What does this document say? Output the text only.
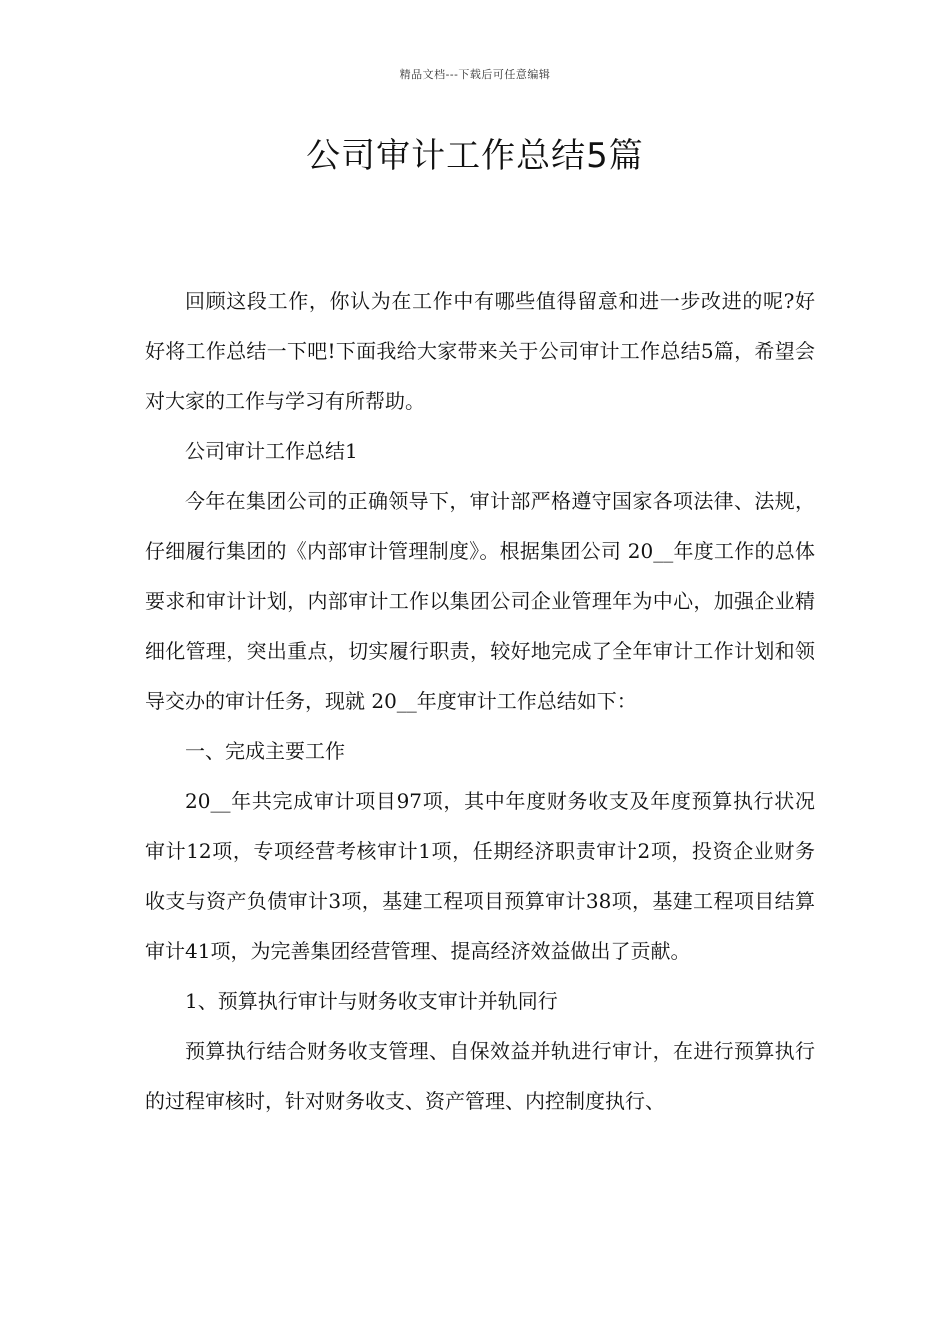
精品文档---下载后可任意编辑
公司审计工作总结5篇

回顾这段工作，你认为在工作中有哪些值得留意和进一步改进的呢?好好将工作总结一下吧!下面我给大家带来关于公司审计工作总结5篇，希望会对大家的工作与学习有所帮助。

公司审计工作总结1

今年在集团公司的正确领导下，审计部严格遵守国家各项法律、法规，仔细履行集团的《内部审计管理制度》。根据集团公司 20__年度工作的总体要求和审计计划，内部审计工作以集团公司企业管理年为中心，加强企业精细化管理，突出重点，切实履行职责，较好地完成了全年审计工作计划和领导交办的审计任务，现就 20__年度审计工作总结如下：

一、完成主要工作

20__年共完成审计项目97项，其中年度财务收支及年度预算执行状况审计12项，专项经营考核审计1项，任期经济职责审计2项，投资企业财务收支与资产负债审计3项，基建工程项目预算审计38项，基建工程项目结算审计41项，为完善集团经营管理、提高经济效益做出了贡献。

1、预算执行审计与财务收支审计并轨同行

预算执行结合财务收支管理、自保效益并轨进行审计，在进行预算执行的过程审核时，针对财务收支、资产管理、内控制度执行、
